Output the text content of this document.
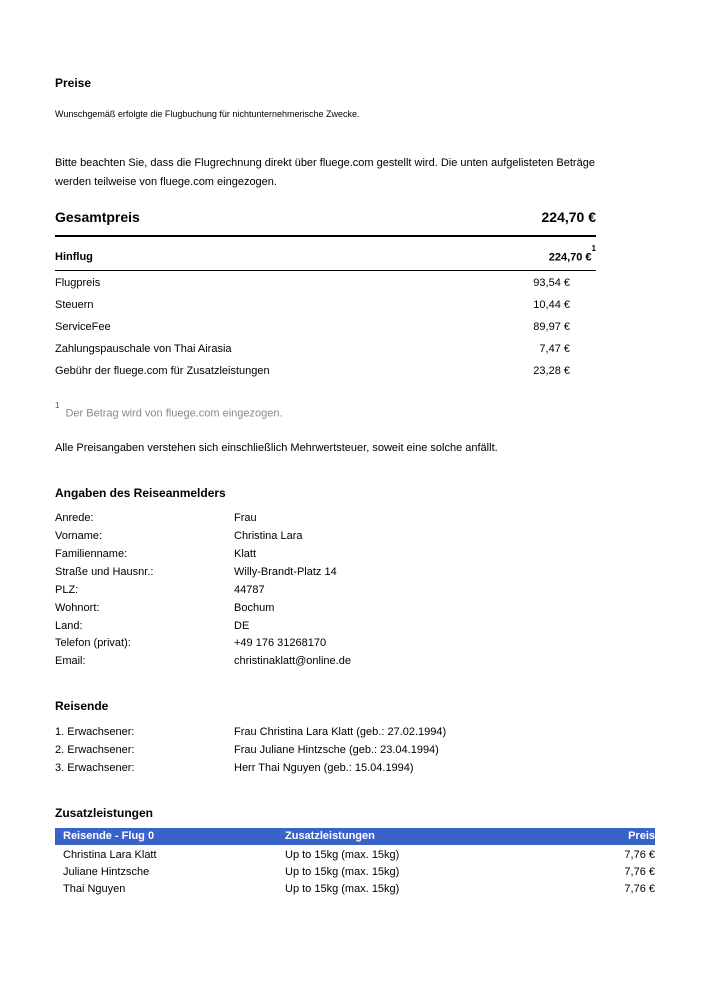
Preise
Wunschgemäß erfolgte die Flugbuchung für nichtunternehmerische Zwecke.
Bitte beachten Sie, dass die Flugrechnung direkt über fluege.com gestellt wird. Die unten aufgelisteten Beträge
werden teilweise von fluege.com eingezogen.
Gesamtpreis	224,70 €
Hinflug	224,70 €$^1$
Flugpreis	93,54 €
Steuern	10,44 €
ServiceFee	89,97 €
Zahlungspauschale von Thai Airasia	7,47 €
Gebühr der fluege.com für Zusatzleistungen	23,28 €
$^1$Der Betrag wird von fluege.com eingezogen.
Alle Preisangaben verstehen sich einschließlich Mehrwertsteuer, soweit eine solche anfällt.
Angaben des Reiseanmelders
Anrede:	Frau
Vorname:	Christina Lara
Familienname:	Klatt
Straße und Hausnr.:	Willy-Brandt-Platz 14
PLZ:	44787
Wohnort:	Bochum
Land:	DE
Telefon (privat):	+49 176 31268170
Email:	christinaklatt@online.de
Reisende
1. Erwachsener:	Frau Christina Lara Klatt (geb.: 27.02.1994)
2. Erwachsener:	Frau Juliane Hintzsche (geb.: 23.04.1994)
3. Erwachsener:	Herr Thai Nguyen (geb.: 15.04.1994)
Zusatzleistungen
Reisende - Flug 0	Zusatzleistungen	Preis
Christina Lara Klatt	Up to 15kg (max. 15kg)	7,76 €
Juliane Hintzsche	Up to 15kg (max. 15kg)	7,76 €
Thai Nguyen	Up to 15kg (max. 15kg)	7,76 €
